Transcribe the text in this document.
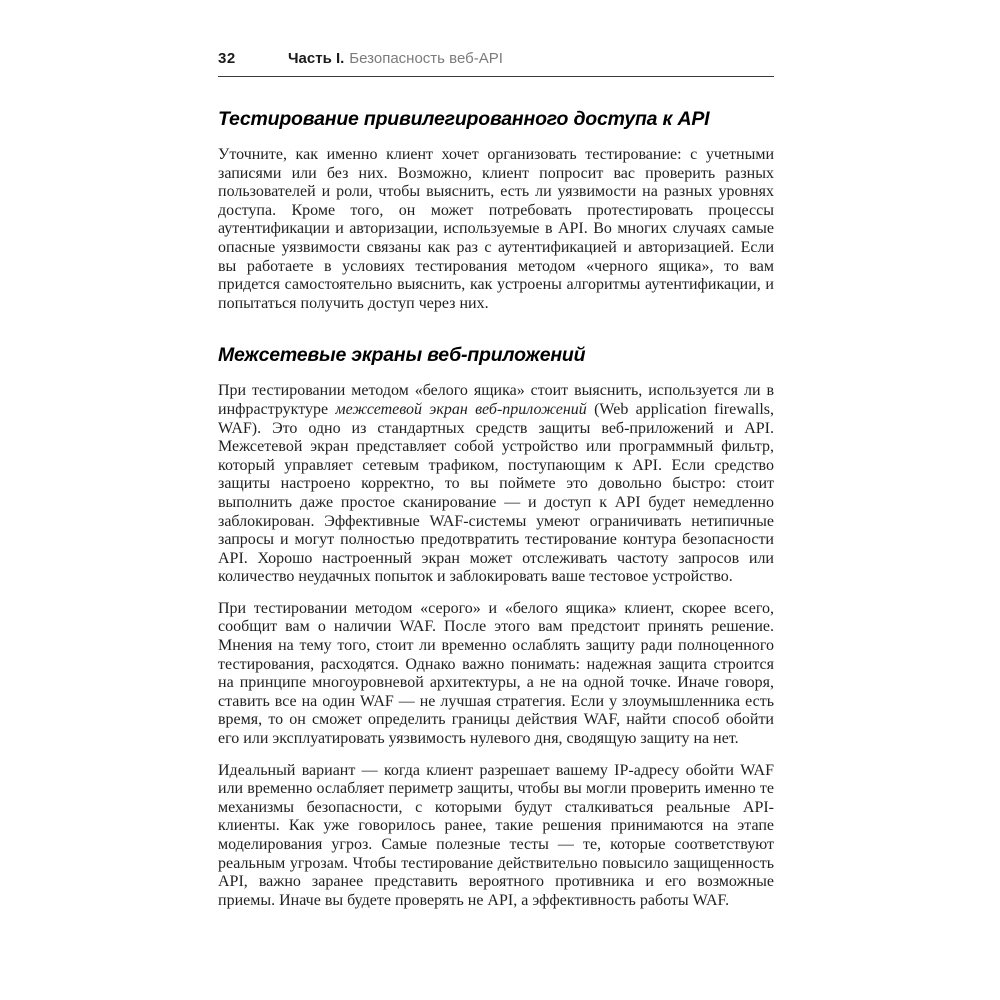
32	Часть I. Безопасность веб-API
Тестирование привилегированного доступа к API

Уточните, как именно клиент хочет организовать тестирование: с учетными записями или без них. Возможно, клиент попросит вас проверить разных пользователей и роли, чтобы выяснить, есть ли уязвимости на разных уровнях доступа. Кроме того, он может потребовать протестировать процессы аутентификации и авторизации, используемые в API. Во многих случаях самые опасные уязвимости связаны как раз с аутентификацией и авторизацией. Если вы работаете в условиях тестирования методом «черного ящика», то вам придется самостоятельно выяснить, как устроены алгоритмы аутентификации, и попытаться получить доступ через них.

Межсетевые экраны веб-приложений

При тестировании методом «белого ящика» стоит выяснить, используется ли в инфраструктуре межсетевой экран веб-приложений (Web application firewalls, WAF). Это одно из стандартных средств защиты веб-приложений и API. Межсетевой экран представляет собой устройство или программный фильтр, который управляет сетевым трафиком, поступающим к API. Если средство защиты настроено корректно, то вы поймете это довольно быстро: стоит выполнить даже простое сканирование — и доступ к API будет немедленно заблокирован. Эффективные WAF-системы умеют ограничивать нетипичные запросы и могут полностью предотвратить тестирование контура безопасности API. Хорошо настроенный экран может отслеживать частоту запросов или количество неудачных попыток и заблокировать ваше тестовое устройство.

При тестировании методом «серого» и «белого ящика» клиент, скорее всего, сообщит вам о наличии WAF. После этого вам предстоит принять решение. Мнения на тему того, стоит ли временно ослаблять защиту ради полноценного тестирования, расходятся. Однако важно понимать: надежная защита строится на принципе многоуровневой архитектуры, а не на одной точке. Иначе говоря, ставить все на один WAF — не лучшая стратегия. Если у злоумышленника есть время, то он сможет определить границы действия WAF, найти способ обойти его или эксплуатировать уязвимость нулевого дня, сводящую защиту на нет.

Идеальный вариант — когда клиент разрешает вашему IP-адресу обойти WAF или временно ослабляет периметр защиты, чтобы вы могли проверить именно те механизмы безопасности, с которыми будут сталкиваться реальные API-клиенты. Как уже говорилось ранее, такие решения принимаются на этапе моделирования угроз. Самые полезные тесты — те, которые соответствуют реальным угрозам. Чтобы тестирование действительно повысило защищенность API, важно заранее представить вероятного противника и его возможные приемы. Иначе вы будете проверять не API, а эффективность работы WAF.
